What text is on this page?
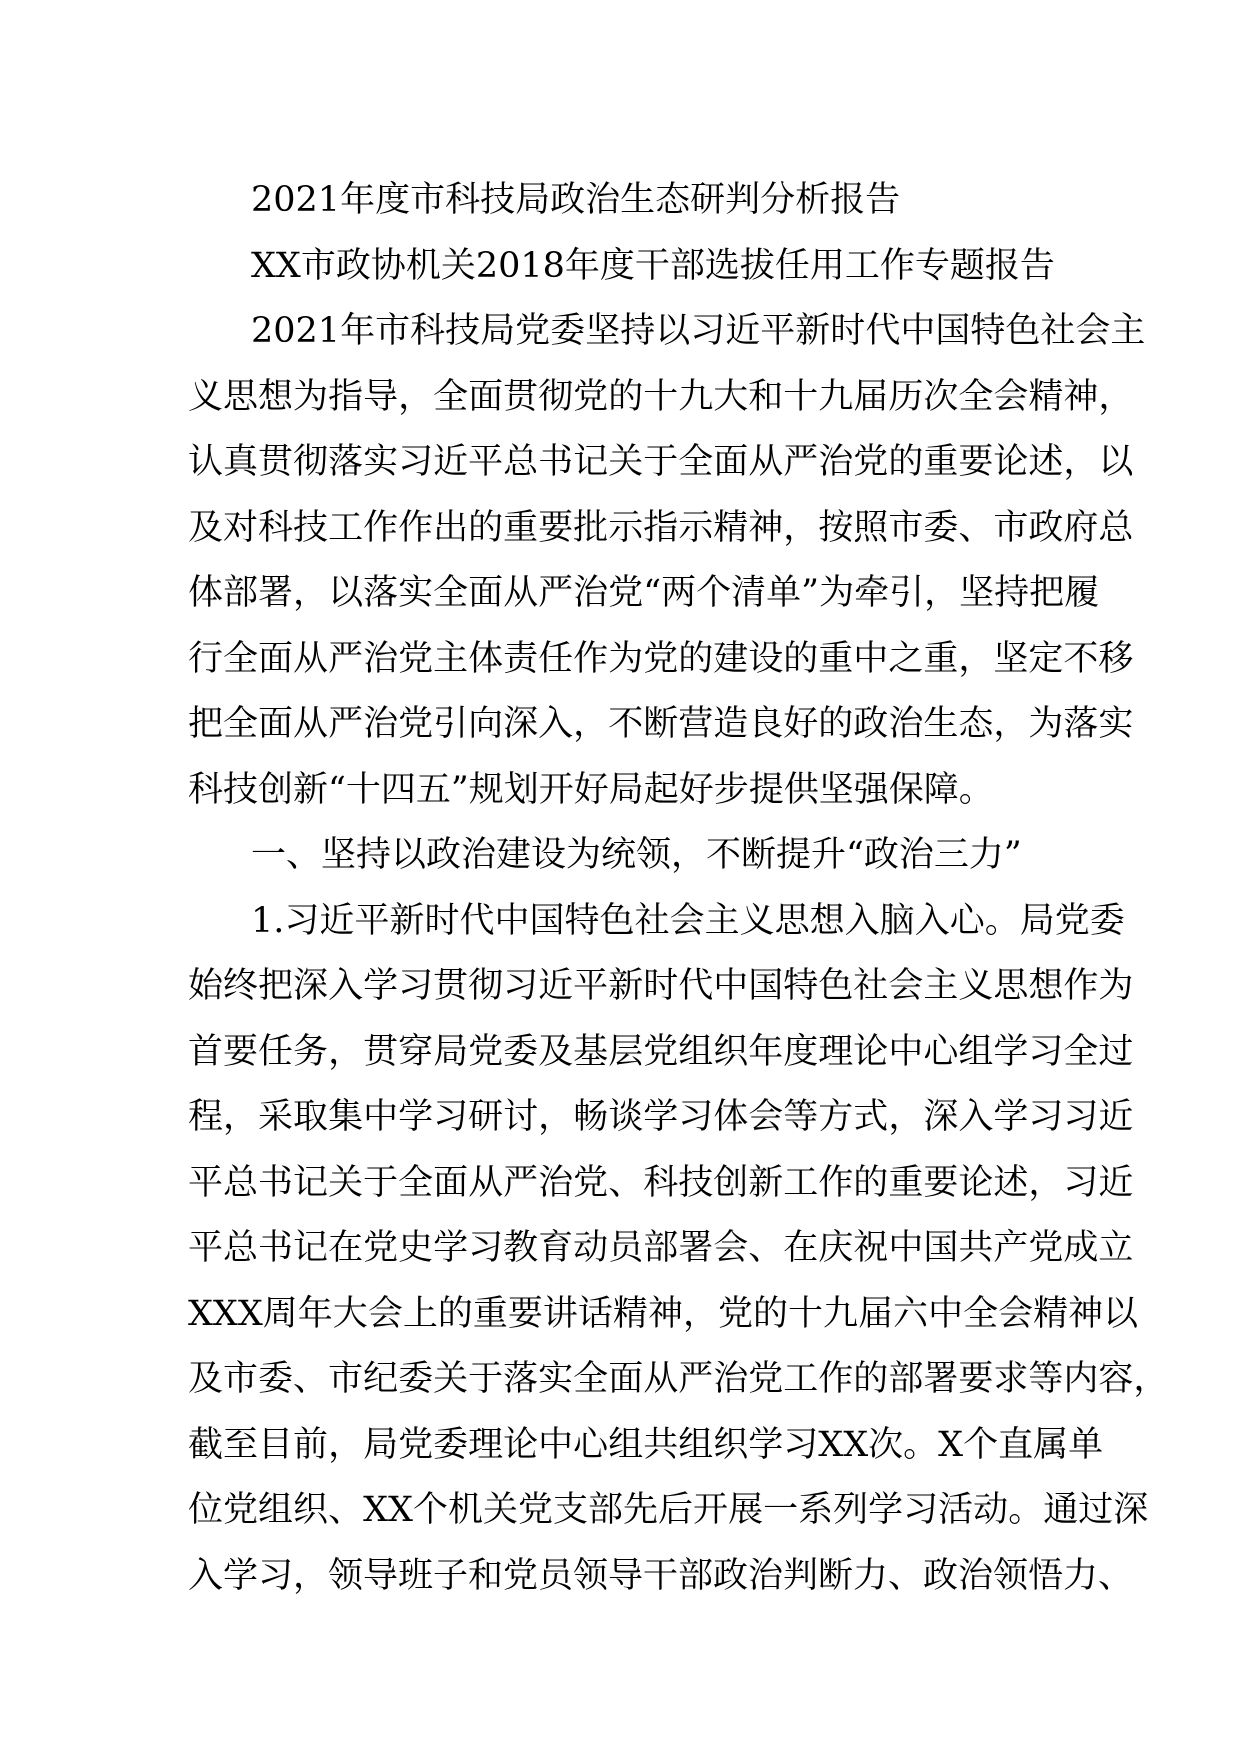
2021年度市科技局政治生态研判分析报告
XX市政协机关2018年度干部选拔任用工作专题报告
2021 年 市 科 技 局 党 委 坚 持 以 习 近 平 新 时 代 中 国 特 色 社 会 主
义 思 想 为 指 导 ， 全 面 贯 彻 党 的 十 九 大 和 十 九 届 历 次 全 会 精 神 ，
认 真 贯 彻 落 实 习 近 平 总 书 记 关 于 全 面 从 严 治 党 的 重 要 论 述 ， 以
及 对 科 技 工 作 作 出 的 重 要 批 示 指 示 精 神 ， 按 照 市 委 、 市 政 府 总
体 部 署 ， 以 落 实 全 面 从 严 治 党 “ 两 个 清 单 ” 为 牵 引 ， 坚 持 把 履
行 全 面 从 严 治 党 主 体 责 任 作 为 党 的 建 设 的 重 中 之 重 ， 坚 定 不 移
把 全 面 从 严 治 党 引 向 深 入 ， 不 断 营 造 良 好 的 政 治 生 态 ， 为 落 实
科技创新“十四五”规划开好局起好步提供坚强保障。
一、坚持以政治建设为统领，不断提升“政治三力”
1. 习 近 平 新 时 代 中 国 特 色 社 会 主 义 思 想 入 脑 入 心 。 局 党 委
始 终 把 深 入 学 习 贯 彻 习 近 平 新 时 代 中 国 特 色 社 会 主 义 思 想 作 为
首 要 任 务 ， 贯 穿 局 党 委 及 基 层 党 组 织 年 度 理 论 中 心 组 学 习 全 过
程 ， 采 取 集 中 学 习 研 讨 ， 畅 谈 学 习 体 会 等 方 式 ， 深 入 学 习 习 近
平 总 书 记 关 于 全 面 从 严 治 党 、 科 技 创 新 工 作 的 重 要 论 述 ， 习 近
平 总 书 记 在 党 史 学 习 教 育 动 员 部 署 会 、 在 庆 祝 中 国 共 产 党 成 立
XXX 周 年 大 会 上 的 重 要 讲 话 精 神 ， 党 的 十 九 届 六 中 全 会 精 神 以
及 市 委 、 市 纪 委 关 于 落 实 全 面 从 严 治 党 工 作 的 部 署 要 求 等 内 容 ，
截 至 目 前 ， 局 党 委 理 论 中 心 组 共 组 织 学 习 XX 次 。 X 个 直 属 单
位 党 组 织 、 XX 个 机 关 党 支 部 先 后 开 展 一 系 列 学 习 活 动 。 通 过 深
入学习，领导班子和党员领导干部政治判断力、政治领悟力、
